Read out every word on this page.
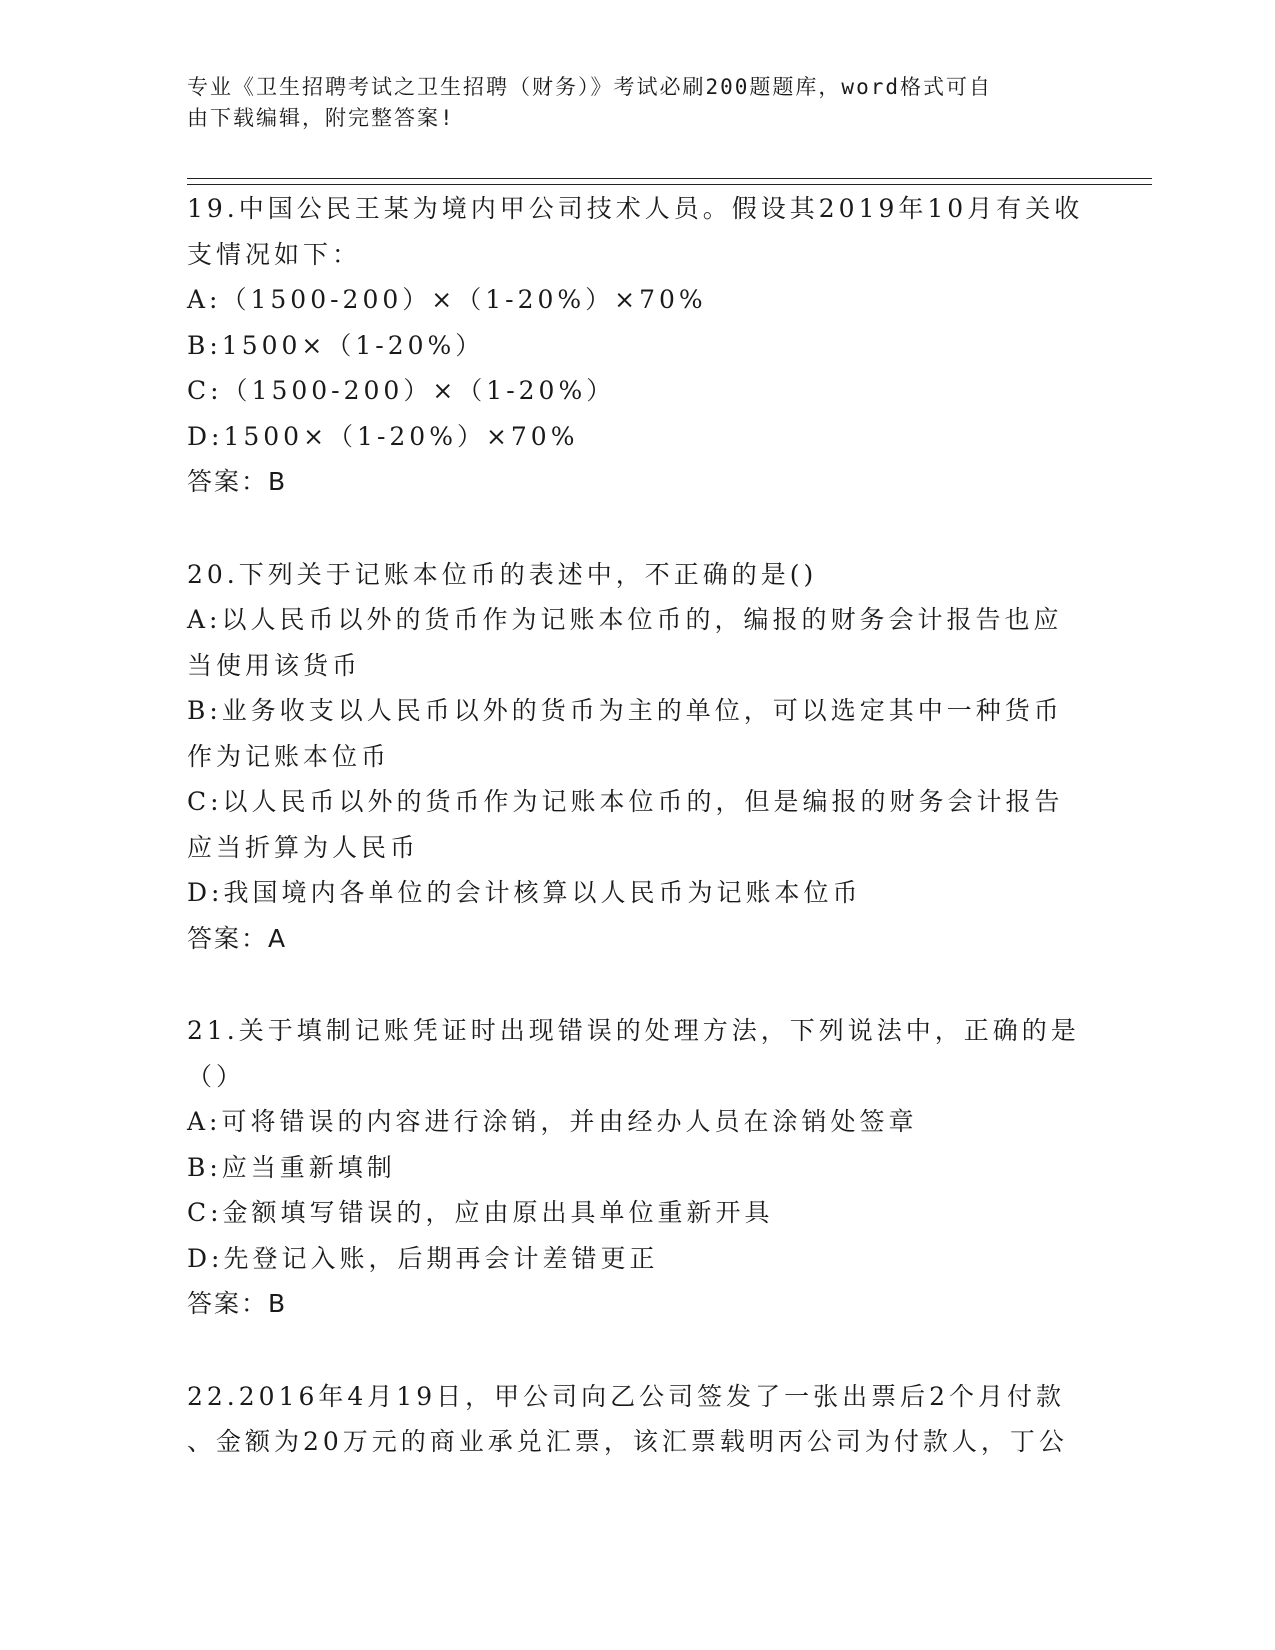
专业《卫生招聘考试之卫生招聘（财务）》考试必刷200题题库，word格式可自
由下载编辑，附完整答案!
19.中国公民王某为境内甲公司技术人员。假设其2019年10月有关收
支情况如下：
A:（1500-200）×（1-20%）×70%
B:1500×（1-20%）
C:（1500-200）×（1-20%）
D:1500×（1-20%）×70%
答案：B
20.下列关于记账本位币的表述中，不正确的是()
A:以人民币以外的货币作为记账本位币的，编报的财务会计报告也应
当使用该货币
B:业务收支以人民币以外的货币为主的单位，可以选定其中一种货币
作为记账本位币
C:以人民币以外的货币作为记账本位币的，但是编报的财务会计报告
应当折算为人民币
D:我国境内各单位的会计核算以人民币为记账本位币
答案：A
21.关于填制记账凭证时出现错误的处理方法，下列说法中，正确的是
（）
A:可将错误的内容进行涂销，并由经办人员在涂销处签章
B:应当重新填制
C:金额填写错误的，应由原出具单位重新开具
D:先登记入账，后期再会计差错更正
答案：B
22.2016年4月19日，甲公司向乙公司签发了一张出票后2个月付款
、金额为20万元的商业承兑汇票，该汇票载明丙公司为付款人，丁公
